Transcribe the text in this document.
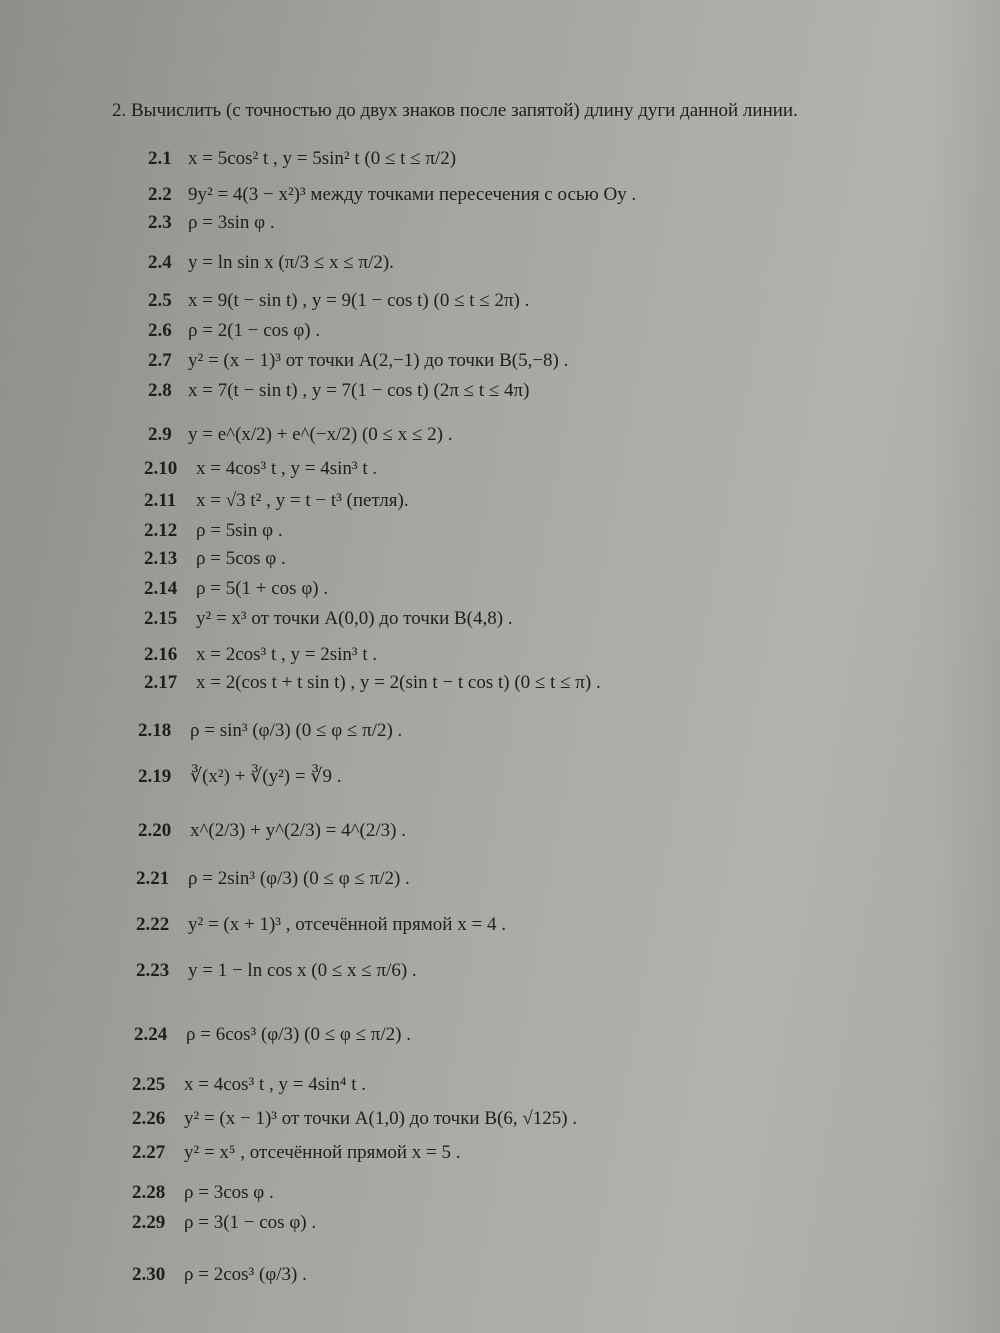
2. Вычислить (с точностью до двух знаков после запятой) длину дуги данной линии.
2.1 x = 5cos² t , y = 5sin² t (0 ≤ t ≤ π/2)
2.2 9y² = 4(3 − x²)³ между точками пересечения с осью Oy .
2.3 ρ = 3sin φ .
2.4 y = ln sin x (π/3 ≤ x ≤ π/2).
2.5 x = 9(t − sin t) , y = 9(1 − cos t) (0 ≤ t ≤ 2π) .
2.6 ρ = 2(1 − cos φ) .
2.7 y² = (x − 1)³ от точки A(2,−1) до точки B(5,−8) .
2.8 x = 7(t − sin t) , y = 7(1 − cos t) (2π ≤ t ≤ 4π)
2.9 y = e^(x/2) + e^(−x/2) (0 ≤ x ≤ 2) .
2.10 x = 4cos³ t , y = 4sin³ t .
2.11 x = √3 t² , y = t − t³ (петля).
2.12 ρ = 5sin φ .
2.13 ρ = 5cos φ .
2.14 ρ = 5(1 + cos φ) .
2.15 y² = x³ от точки A(0,0) до точки B(4,8) .
2.16 x = 2cos³ t , y = 2sin³ t .
2.17 x = 2(cos t + t sin t) , y = 2(sin t − t cos t) (0 ≤ t ≤ π) .
2.18 ρ = sin³ (φ/3) (0 ≤ φ ≤ π/2) .
2.19 ∛(x²) + ∛(y²) = ∛9 .
2.20 x^(2/3) + y^(2/3) = 4^(2/3) .
2.21 ρ = 2sin³ (φ/3) (0 ≤ φ ≤ π/2) .
2.22 y² = (x + 1)³ , отсечённой прямой x = 4 .
2.23 y = 1 − ln cos x (0 ≤ x ≤ π/6) .
2.24 ρ = 6cos³ (φ/3) (0 ≤ φ ≤ π/2) .
2.25 x = 4cos³ t , y = 4sin⁴ t .
2.26 y² = (x − 1)³ от точки A(1,0) до точки B(6, √125) .
2.27 y² = x⁵ , отсечённой прямой x = 5 .
2.28 ρ = 3cos φ .
2.29 ρ = 3(1 − cos φ) .
2.30 ρ = 2cos³ (φ/3) .
